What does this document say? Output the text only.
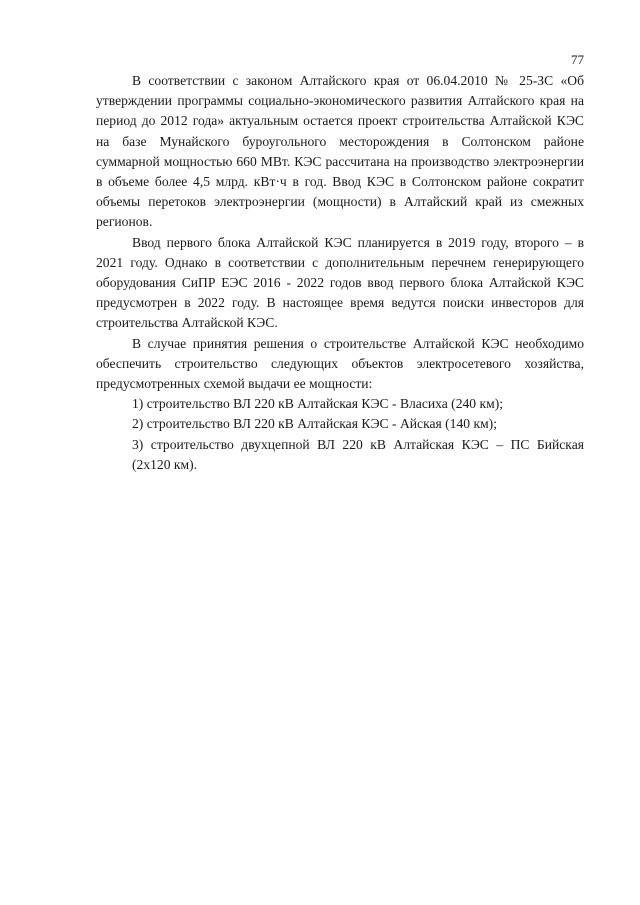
77

В соответствии с законом Алтайского края от 06.04.2010 № 25-ЗС «Об утверждении программы социально-экономического развития Алтайского края на период до 2012 года» актуальным остается проект строительства Алтайской КЭС на базе Мунайского буроугольного месторождения в Солтонском районе суммарной мощностью 660 МВт. КЭС рассчитана на производство электроэнергии в объеме более 4,5 млрд. кВт·ч в год. Ввод КЭС в Солтонском районе сократит объемы перетоков электроэнергии (мощности) в Алтайский край из смежных регионов.

Ввод первого блока Алтайской КЭС планируется в 2019 году, второго – в 2021 году. Однако в соответствии с дополнительным перечнем генерирующего оборудования СиПР ЕЭС 2016 - 2022 годов ввод первого блока Алтайской КЭС предусмотрен в 2022 году. В настоящее время ведутся поиски инвесторов для строительства Алтайской КЭС.

В случае принятия решения о строительстве Алтайской КЭС необходимо обеспечить строительство следующих объектов электросетевого хозяйства, предусмотренных схемой выдачи ее мощности:

1) строительство ВЛ 220 кВ Алтайская КЭС - Власиха (240 км);
2) строительство ВЛ 220 кВ Алтайская КЭС - Айская (140 км);
3) строительство двухцепной ВЛ 220 кВ Алтайская КЭС – ПС Бийская (2х120 км).
